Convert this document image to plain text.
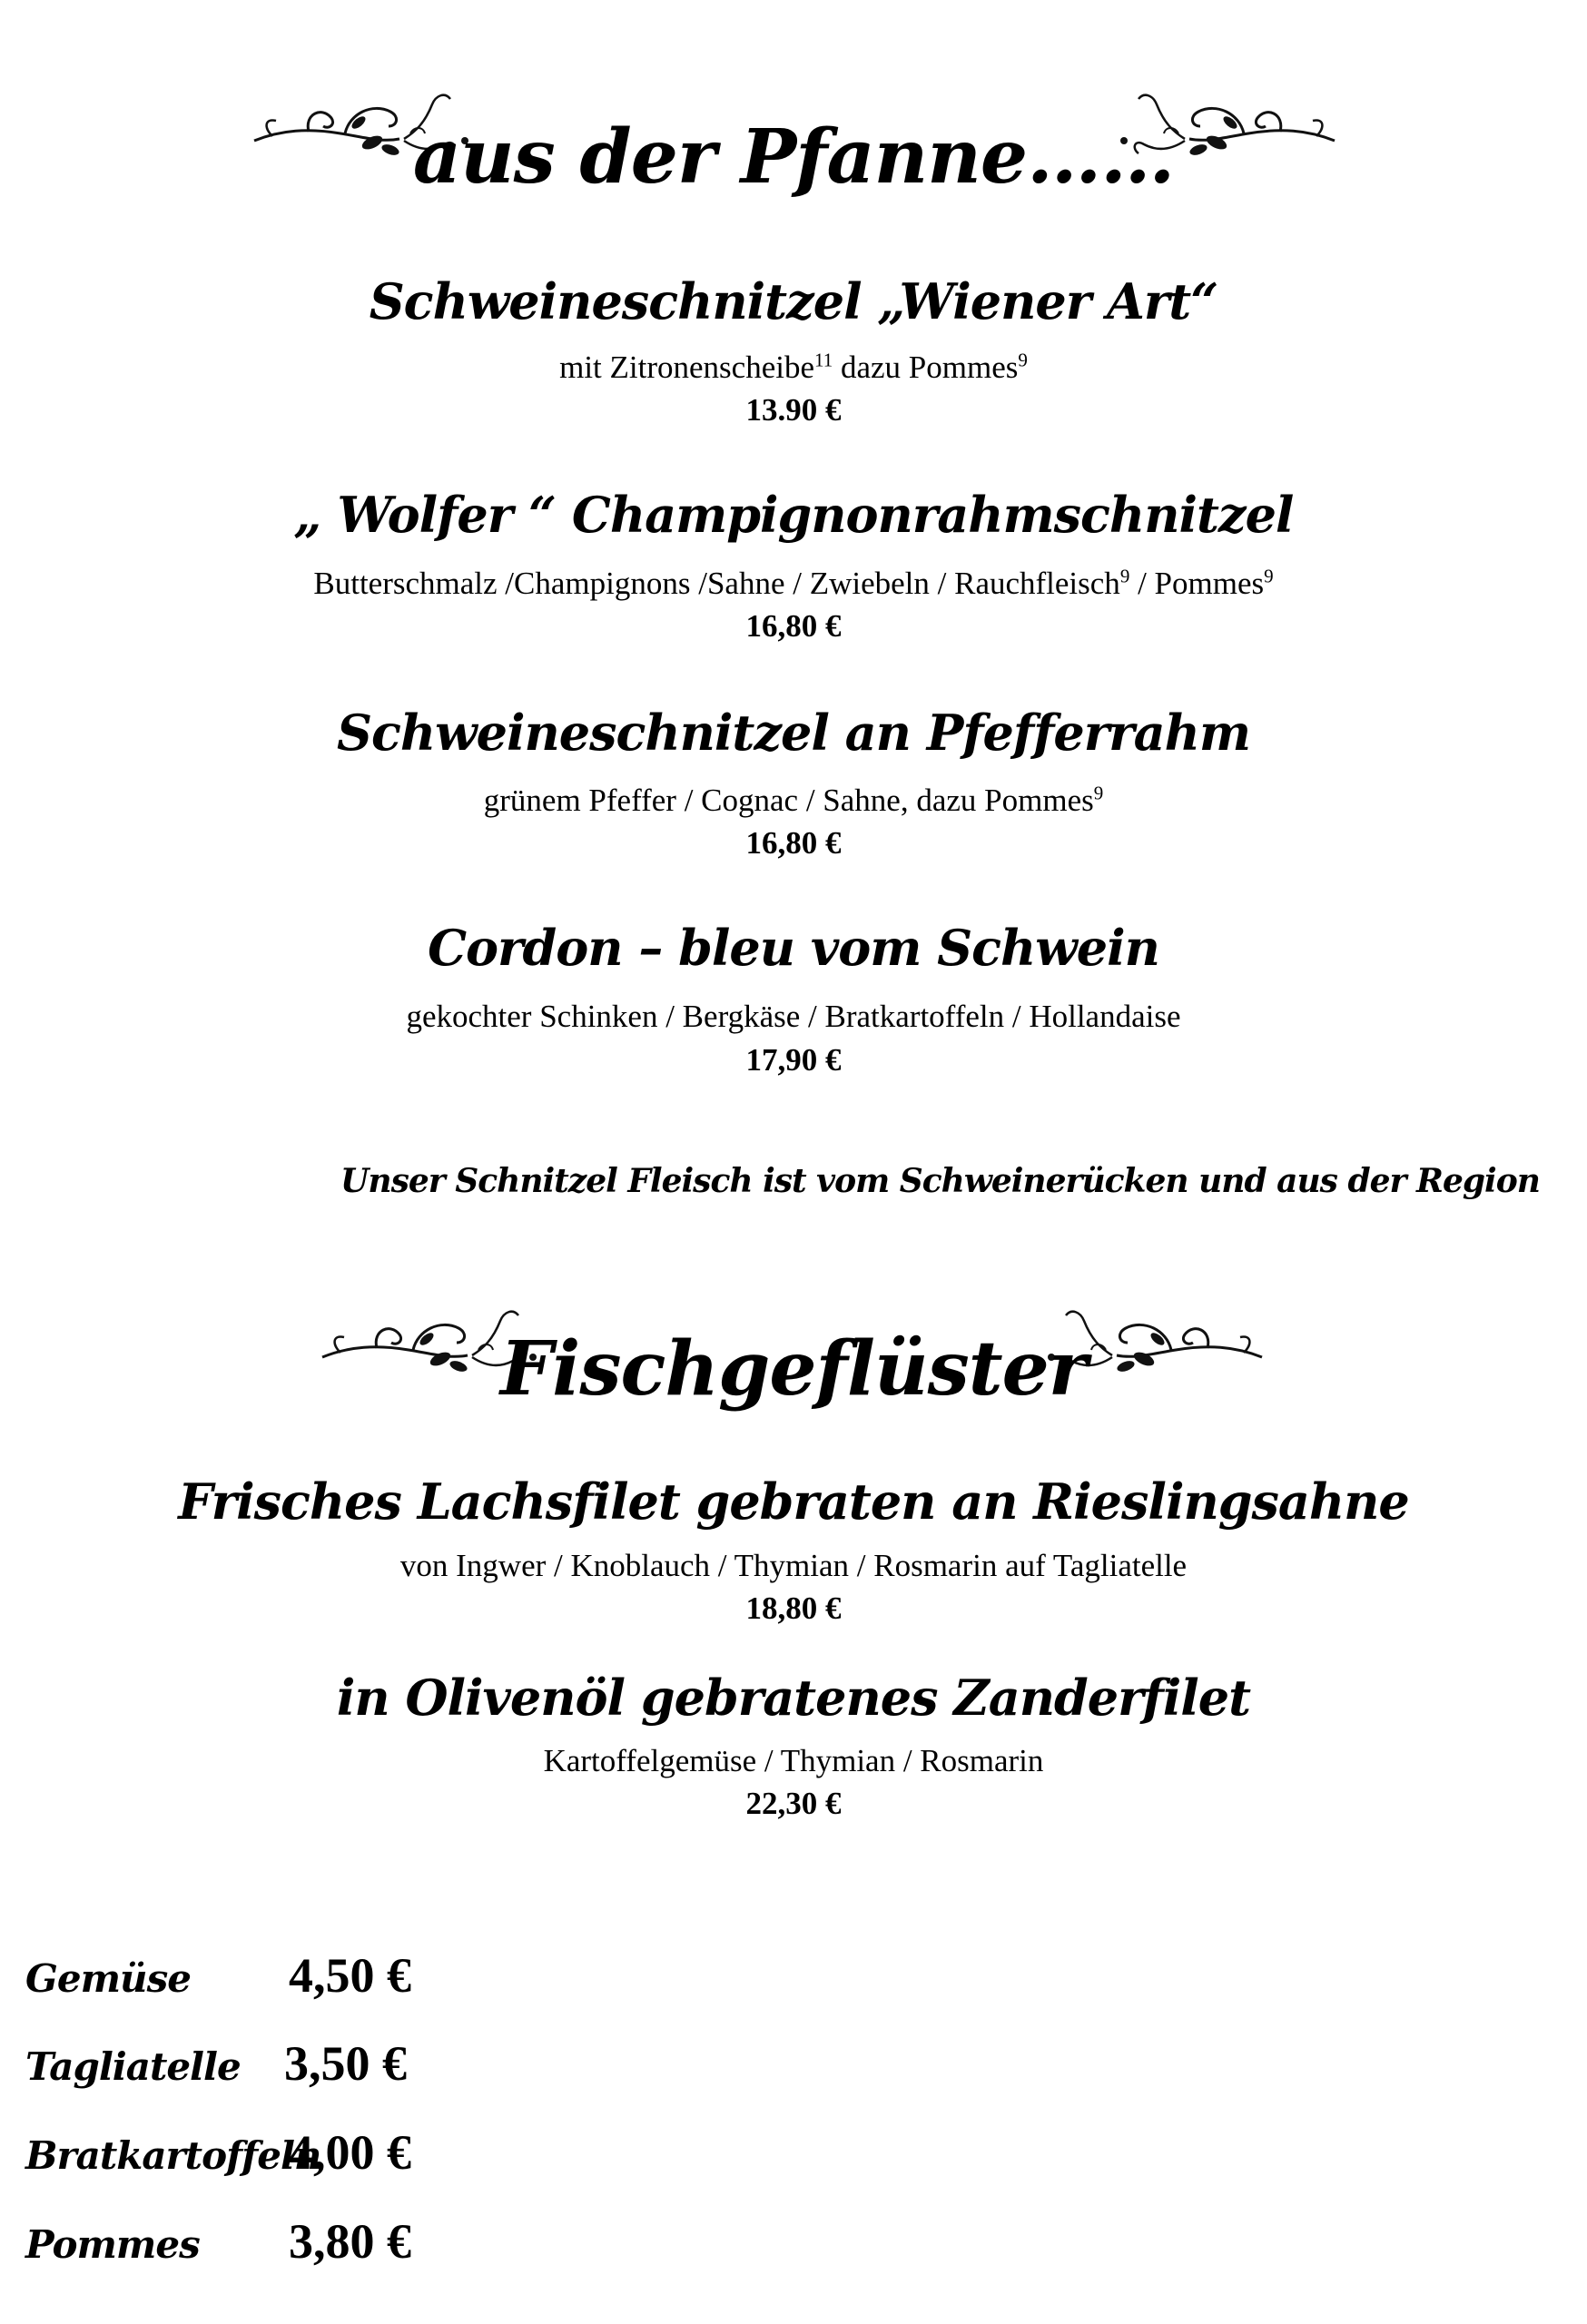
aus der Pfanne……
Schweineschnitzel „Wiener Art“
mit Zitronenscheibe$^{11}$ dazu Pommes$^9$
13.90 €
„ Wolfer “ Champignonrahmschnitzel
Butterschmalz /Champignons /Sahne / Zwiebeln / Rauchfleisch$^9$ / Pommes$^9$
16,80 €
Schweineschnitzel an Pfefferrahm
grünem Pfeffer / Cognac / Sahne, dazu Pommes$^9$
16,80 €
Cordon – bleu vom Schwein
gekochter Schinken / Bergkäse / Bratkartoffeln / Hollandaise
17,90 €
Unser Schnitzel Fleisch ist vom Schweinerücken und aus der Region
Fischgeflüster
Frisches Lachsfilet gebraten an Rieslingsahne
von Ingwer / Knoblauch / Thymian / Rosmarin auf Tagliatelle
18,80 €
in Olivenöl gebratenes Zanderfilet
Kartoffelgemüse / Thymian / Rosmarin
22,30 €
Gemüse 4,50 €
Tagliatelle 3,50 €
Bratkartoffeln
4,00 €
Pommes 3,80 €
